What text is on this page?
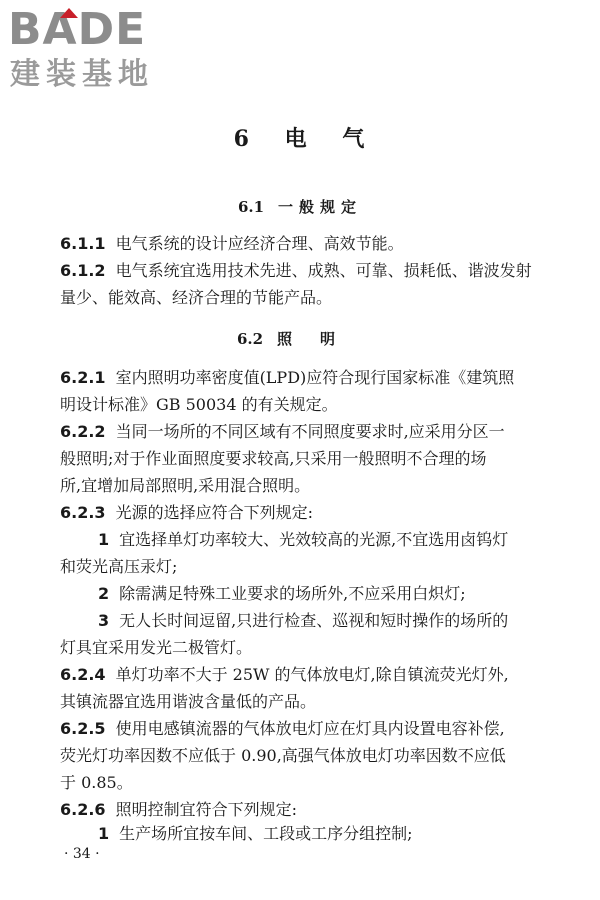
BADE
建装基地
6 电 气
6.1 一般规定
6.2 照明
6.1.1 电气系统的设计应经济合理、高效节能。
6.1.2 电气系统宜选用技术先进、成熟、可靠、损耗低、谐波发射
量少、能效高、经济合理的节能产品。
6.2.1 室内照明功率密度值(LPD)应符合现行国家标准《建筑照
明设计标准》GB 50034 的有关规定。
6.2.2 当同一场所的不同区域有不同照度要求时,应采用分区一
般照明;对于作业面照度要求较高,只采用一般照明不合理的场
所,宜增加局部照明,采用混合照明。
6.2.3 光源的选择应符合下列规定:
1 宜选择单灯功率较大、光效较高的光源,不宜选用卤钨灯
和荧光高压汞灯;
2 除需满足特殊工业要求的场所外,不应采用白炽灯;
3 无人长时间逗留,只进行检查、巡视和短时操作的场所的
灯具宜采用发光二极管灯。
6.2.4 单灯功率不大于 25W 的气体放电灯,除自镇流荧光灯外,
其镇流器宜选用谐波含量低的产品。
6.2.5 使用电感镇流器的气体放电灯应在灯具内设置电容补偿,
荧光灯功率因数不应低于 0.90,高强气体放电灯功率因数不应低
于 0.85。
6.2.6 照明控制宜符合下列规定:
1 生产场所宜按车间、工段或工序分组控制;
· 34 ·
